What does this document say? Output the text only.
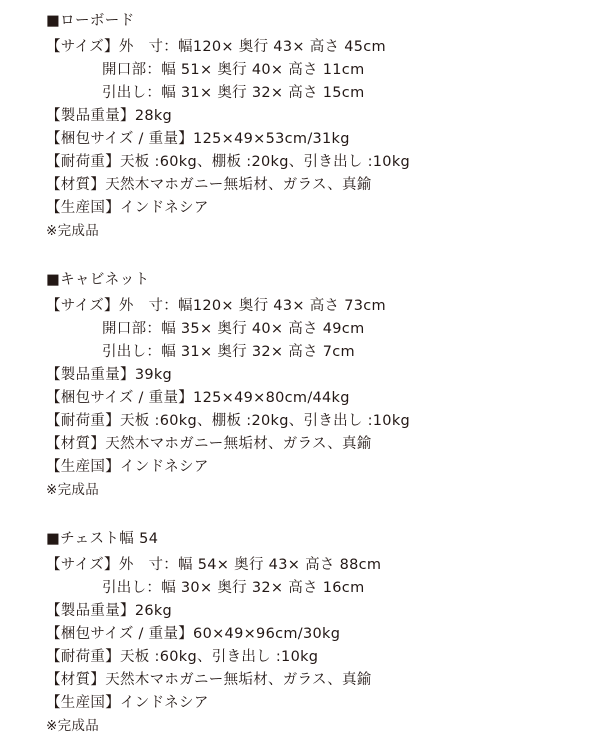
■ローボード
【サイズ】外　寸： 幅120× 奥行 43× 高さ 45cm
開口部： 幅 51× 奥行 40× 高さ 11cm
引出し： 幅 31× 奥行 32× 高さ 15cm
【製品重量】 28kg
【梱包サイズ / 重量】 125×49×53cm/31kg
【耐荷重】 天板 :60kg、棚板 :20kg、引き出し :10kg
【材質】 天然木マホガニー無垢材、ガラス、真鍮
【生産国】 インドネシア
※完成品
■キャビネット
【サイズ】外　寸： 幅120× 奥行 43× 高さ 73cm
開口部： 幅 35× 奥行 40× 高さ 49cm
引出し： 幅 31× 奥行 32× 高さ 7cm
【製品重量】 39kg
【梱包サイズ / 重量】 125×49×80cm/44kg
【耐荷重】 天板 :60kg、棚板 :20kg、引き出し :10kg
【材質】 天然木マホガニー無垢材、ガラス、真鍮
【生産国】 インドネシア
※完成品
■チェスト幅 54
【サイズ】外　寸： 幅 54× 奥行 43× 高さ 88cm
引出し： 幅 30× 奥行 32× 高さ 16cm
【製品重量】 26kg
【梱包サイズ / 重量】 60×49×96cm/30kg
【耐荷重】 天板 :60kg、引き出し :10kg
【材質】 天然木マホガニー無垢材、ガラス、真鍮
【生産国】 インドネシア
※完成品
